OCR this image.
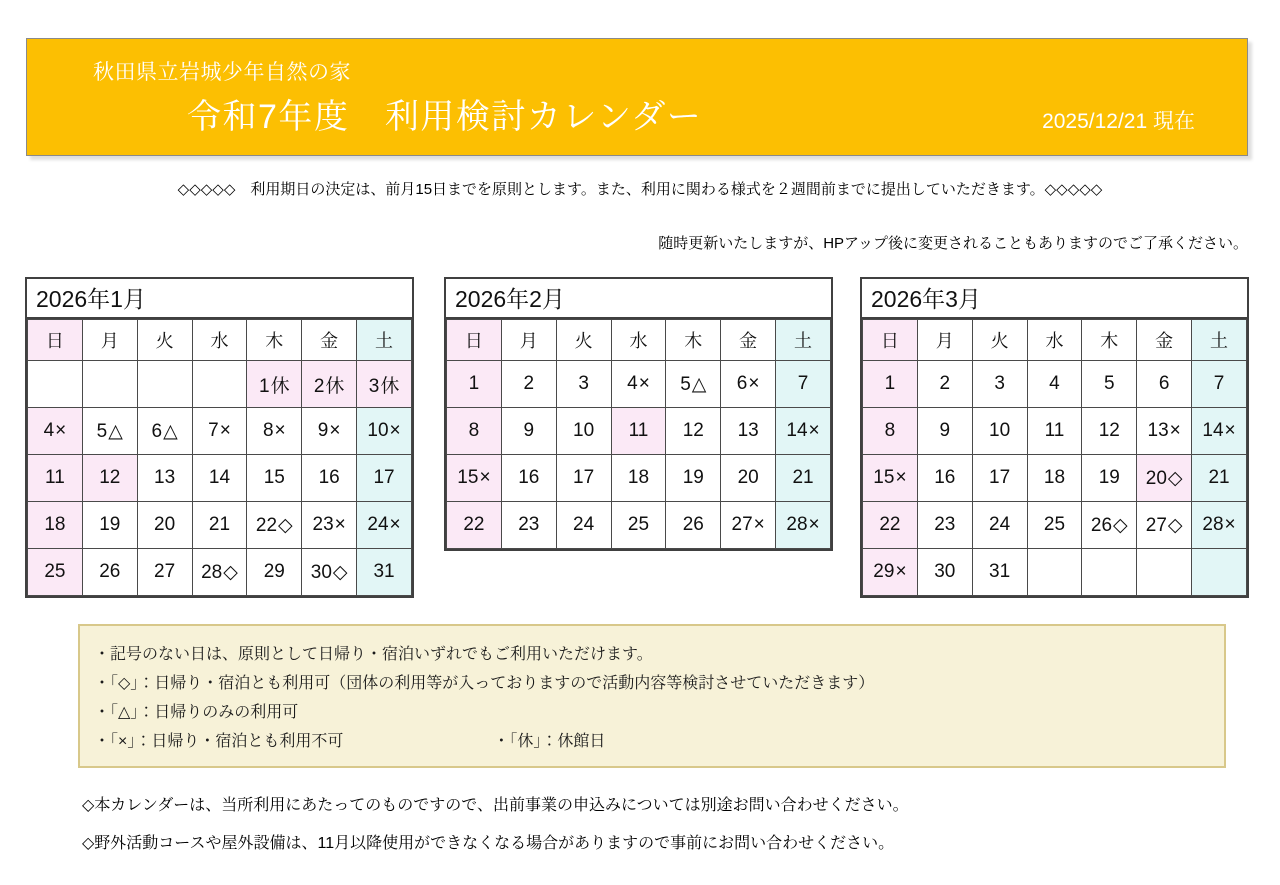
秋田県立岩城少年自然の家
令和7年度　利用検討カレンダー	2025/12/21 現在
◇◇◇◇◇　利用期日の決定は、前月15日までを原則とします。また、利用に関わる様式を２週間前までに提出していただきます。◇◇◇◇◇
随時更新いたしますが、HPアップ後に変更されることもありますのでご了承ください。
2026年1月
日	月	火	水	木	金	土
				1休	2休	3休
4×	5△	6△	7×	8×	9×	10×
11	12	13	14	15	16	17
18	19	20	21	22◇	23×	24×
25	26	27	28◇	29	30◇	31
2026年2月
日	月	火	水	木	金	土
1	2	3	4×	5△	6×	7
8	9	10	11	12	13	14×
15×	16	17	18	19	20	21
22	23	24	25	26	27×	28×
2026年3月
日	月	火	水	木	金	土
1	2	3	4	5	6	7
8	9	10	11	12	13×	14×
15×	16	17	18	19	20◇	21
22	23	24	25	26◇	27◇	28×
29×	30	31				
・記号のない日は、原則として日帰り・宿泊いずれでもご利用いただけます。
・「◇」：日帰り・宿泊とも利用可（団体の利用等が入っておりますので活動内容等検討させていただきます）
・「△」：日帰りのみの利用可
・「×」：日帰り・宿泊とも利用不可	・「休」：休館日
◇本カレンダーは、当所利用にあたってのものですので、出前事業の申込みについては別途お問い合わせください。
◇野外活動コースや屋外設備は、11月以降使用ができなくなる場合がありますので事前にお問い合わせください。
